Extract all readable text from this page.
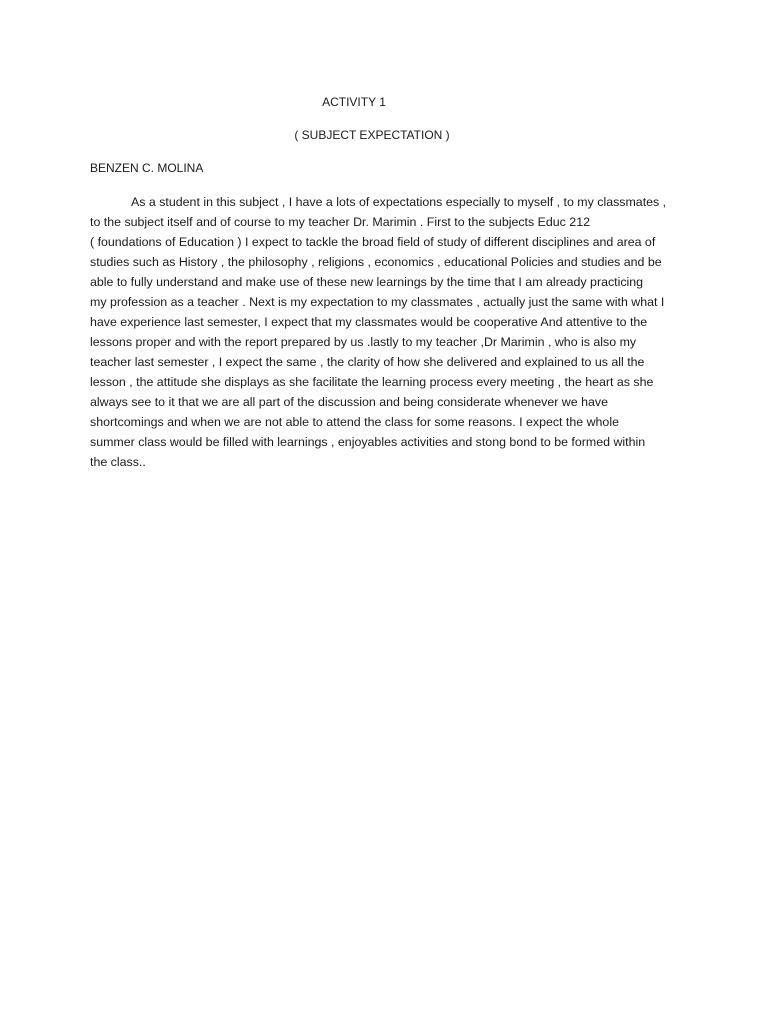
ACTIVITY 1
( SUBJECT EXPECTATION )
BENZEN C. MOLINA
As a student in this subject , I have a lots of expectations especially to myself , to my classmates ,
to the subject itself and of course to my teacher Dr. Marimin . First to the subjects Educ 212
( foundations of Education ) I expect to tackle the broad field of study of different disciplines and area of
studies such as History , the philosophy , religions , economics , educational Policies and studies and be
able to fully understand and make use of these new learnings by the time that I am already practicing
my profession as a teacher . Next is my expectation to my classmates , actually just the same with what I
have experience last semester, I expect that my classmates would be cooperative And attentive to the
lessons proper and with the report prepared by us .lastly to my teacher ,Dr Marimin , who is also my
teacher last semester , I expect the same , the clarity of how she delivered and explained to us all the
lesson , the attitude she displays as she facilitate the learning process every meeting , the heart as she
always see to it that we are all part of the discussion and being considerate whenever we have
shortcomings and when we are not able to attend the class for some reasons. I expect the whole
summer class would be filled with learnings , enjoyables activities and stong bond to be formed within
the class..
